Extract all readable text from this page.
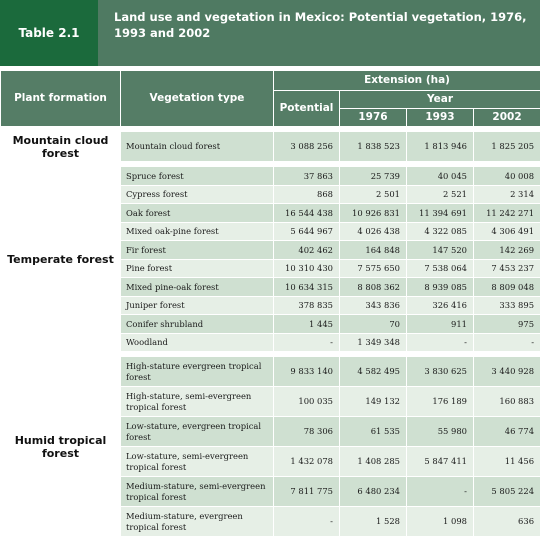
Table 2.1
Land use and vegetation in Mexico: Potential vegetation, 1976, 1993 and 2002
Plant formation	Vegetation type	Extension (ha)			
		Potential	Year		
			1976	1993	2002

Mountain cloud forest	Mountain cloud forest	3 088 256	1 838 523	1 813 946	1 825 205

Temperate forest	Spruce forest	37 863	25 739	40 045	40 008
	Cypress forest	868	2 501	2 521	2 314
	Oak forest	16 544 438	10 926 831	11 394 691	11 242 271
	Mixed oak-pine forest	5 644 967	4 026 438	4 322 085	4 306 491
	Fir forest	402 462	164 848	147 520	142 269
	Pine forest	10 310 430	7 575 650	7 538 064	7 453 237
	Mixed pine-oak forest	10 634 315	8 808 362	8 939 085	8 809 048
	Juniper forest	378 835	343 836	326 416	333 895
	Conifer shrubland	1 445	70	911	975
	Woodland	-	1 349 348	-	-

Humid tropical forest	High-stature evergreen tropical forest	9 833 140	4 582 495	3 830 625	3 440 928
	High-stature, semi-evergreen tropical forest	100 035	149 132	176 189	160 883
	Low-stature, evergreen tropical forest	78 306	61 535	55 980	46 774
	Low-stature, semi-evergreen tropical forest	1 432 078	1 408 285	5 847 411	11 456
	Medium-stature, semi-evergreen tropical forest	7 811 775	6 480 234	-	5 805 224
	Medium-stature, evergreen tropical forest	-	1 528	1 098	636
